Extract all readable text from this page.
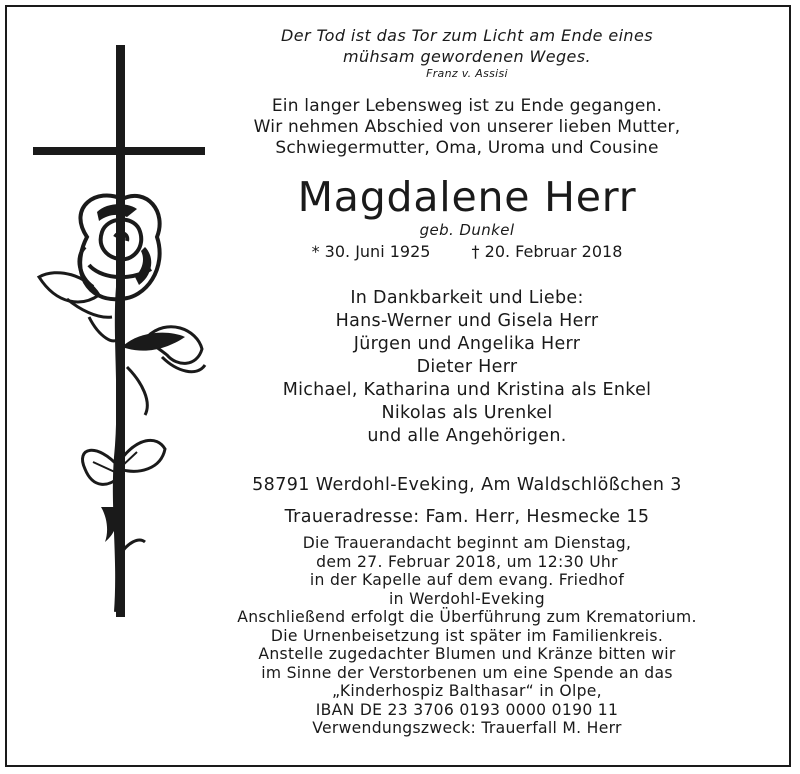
Der Tod ist das Tor zum Licht am Ende eines
mühsam gewordenen Weges.
Franz v. Assisi
Ein langer Lebensweg ist zu Ende gegangen.
Wir nehmen Abschied von unserer lieben Mutter,
Schwiegermutter, Oma, Uroma und Cousine
Magdalene Herr
geb. Dunkel
* 30. Juni 1925	† 20. Februar 2018
In Dankbarkeit und Liebe:
Hans-Werner und Gisela Herr
Jürgen und Angelika Herr
Dieter Herr
Michael, Katharina und Kristina als Enkel
Nikolas als Urenkel
und alle Angehörigen.
58791 Werdohl-Eveking, Am Waldschlößchen 3
Traueradresse: Fam. Herr, Hesmecke 15
Die Trauerandacht beginnt am Dienstag,
dem 27. Februar 2018, um 12:30 Uhr
in der Kapelle auf dem evang. Friedhof
in Werdohl-Eveking
Anschließend erfolgt die Überführung zum Krematorium.
Die Urnenbeisetzung ist später im Familienkreis.
Anstelle zugedachter Blumen und Kränze bitten wir
im Sinne der Verstorbenen um eine Spende an das
„Kinderhospiz Balthasar“ in Olpe,
IBAN DE 23 3706 0193 0000 0190 11
Verwendungszweck: Trauerfall M. Herr
